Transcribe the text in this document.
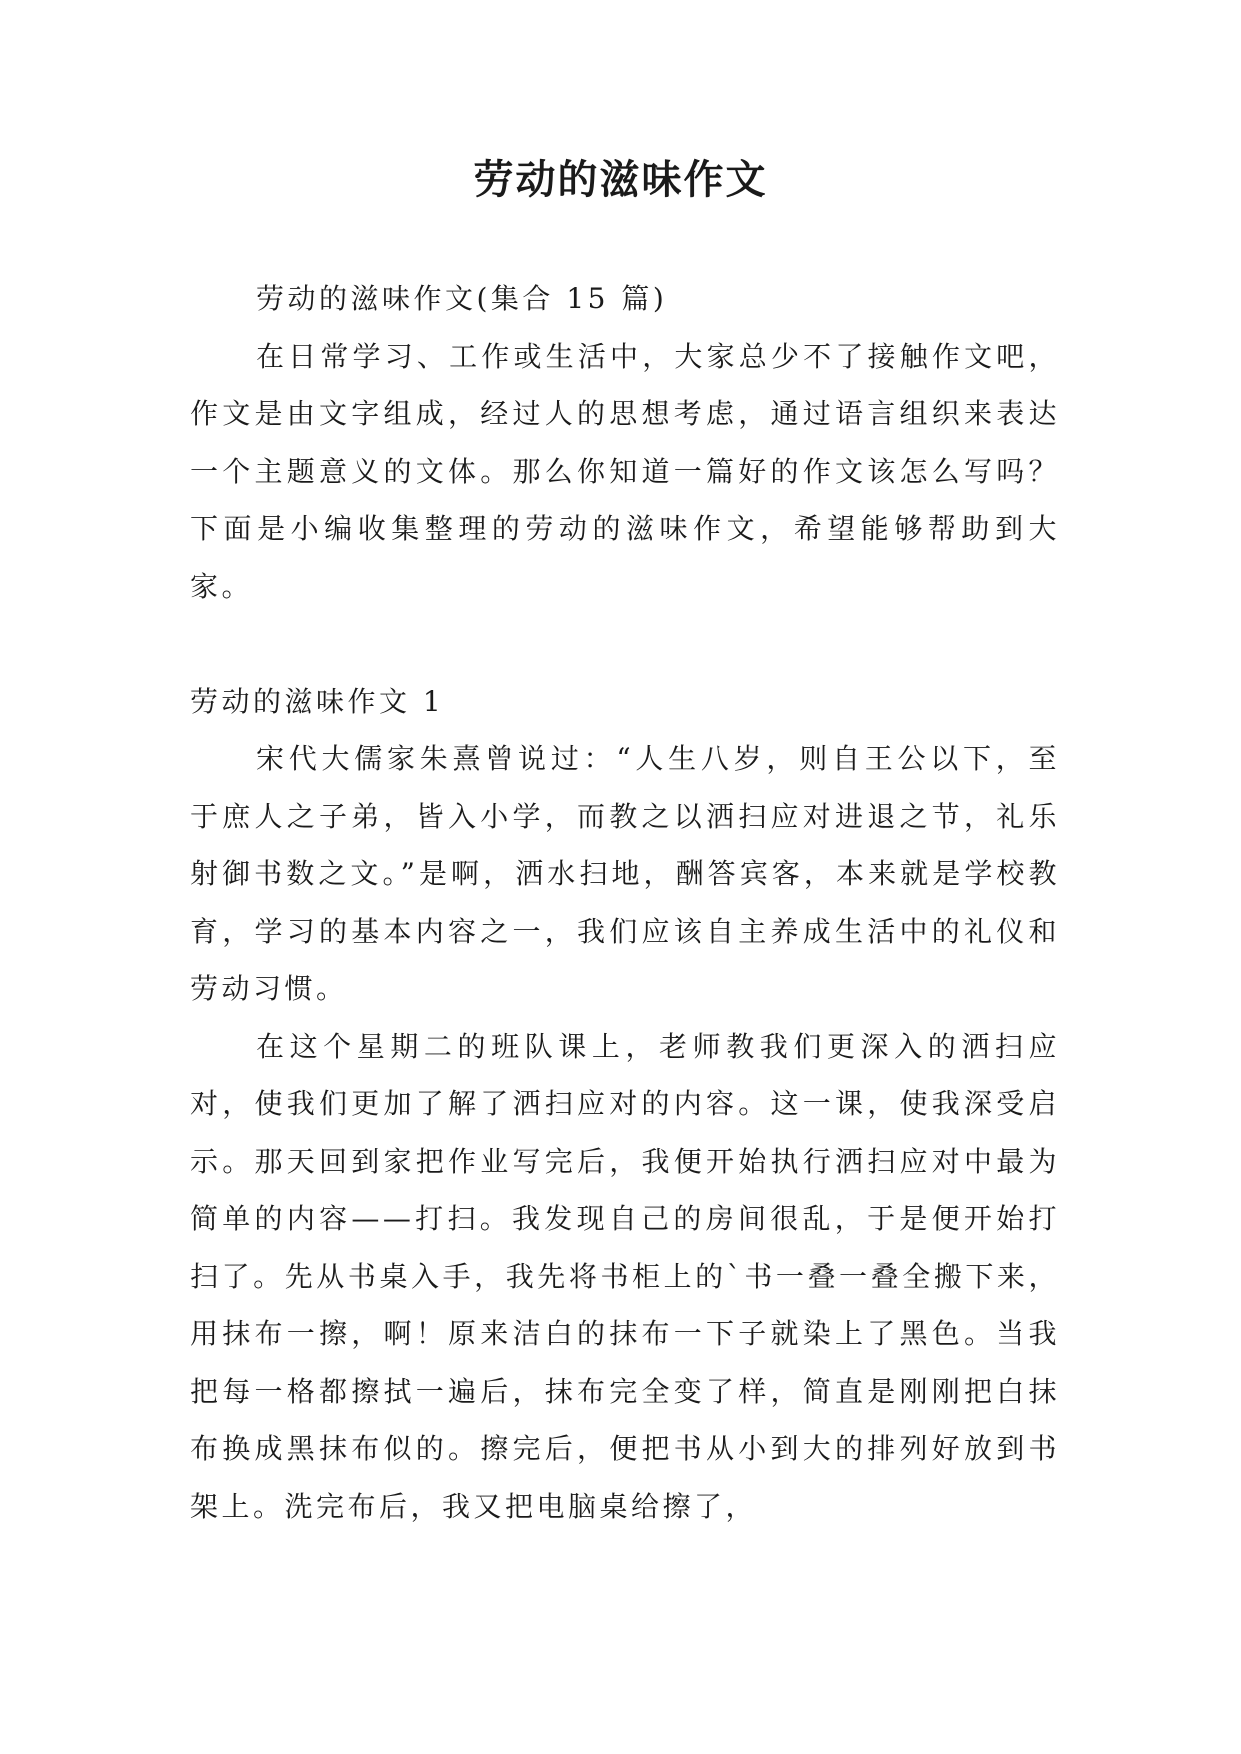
劳动的滋味作文

劳动的滋味作文(集合 15 篇)

在日常学习、工作或生活中，大家总少不了接触作文吧，作文是由文字组成，经过人的思想考虑，通过语言组织来表达一个主题意义的文体。那么你知道一篇好的作文该怎么写吗？下面是小编收集整理的劳动的滋味作文，希望能够帮助到大家。

劳动的滋味作文 1

宋代大儒家朱熹曾说过：“人生八岁，则自王公以下，至于庶人之子弟，皆入小学，而教之以洒扫应对进退之节，礼乐射御书数之文。”是啊，洒水扫地，酬答宾客，本来就是学校教育，学习的基本内容之一，我们应该自主养成生活中的礼仪和劳动习惯。

在这个星期二的班队课上，老师教我们更深入的洒扫应对，使我们更加了解了洒扫应对的内容。这一课，使我深受启示。那天回到家把作业写完后，我便开始执行洒扫应对中最为简单的内容——打扫。我发现自己的房间很乱，于是便开始打扫了。先从书桌入手，我先将书柜上的`书一叠一叠全搬下来，用抹布一擦，啊！原来洁白的抹布一下子就染上了黑色。当我把每一格都擦拭一遍后，抹布完全变了样，简直是刚刚把白抹布换成黑抹布似的。擦完后，便把书从小到大的排列好放到书架上。洗完布后，我又把电脑桌给擦了，
